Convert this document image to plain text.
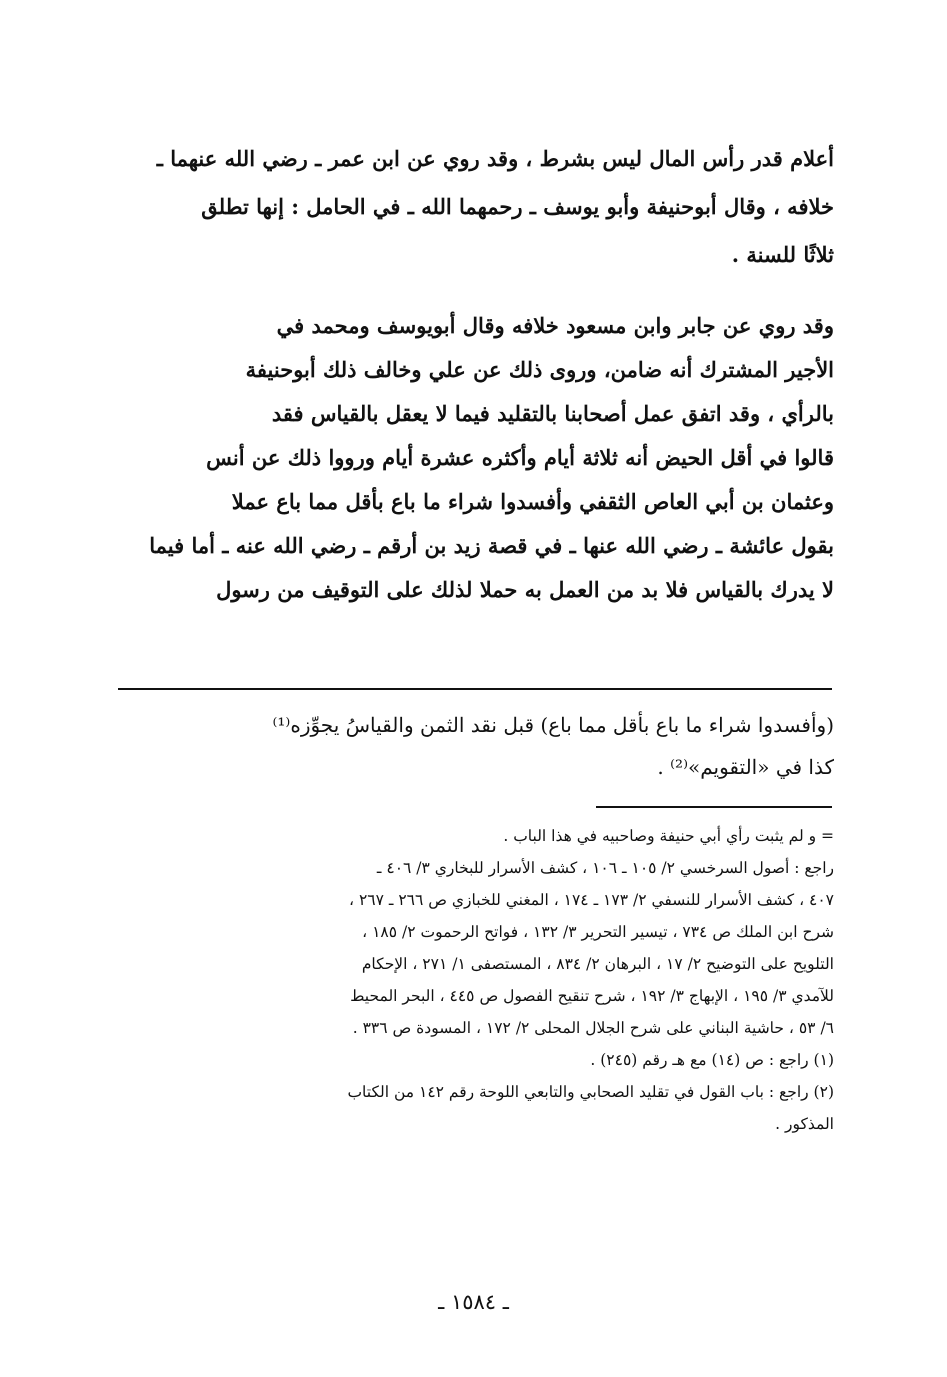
أعلام قدر رأس المال ليس بشرط ، وقد روي عن ابن عمر ـ رضي الله عنهما ـ
خلافه ، وقال أبوحنيفة وأبو يوسف ـ رحمهما الله ـ في الحامل : إنها تطلق
ثلاثًا للسنة .
وقد روي عن جابر وابن مسعود خلافه وقال أبويوسف ومحمد في
الأجير المشترك أنه ضامن، وروى ذلك عن علي وخالف ذلك أبوحنيفة
بالرأي ، وقد اتفق عمل أصحابنا بالتقليد فيما لا يعقل بالقياس فقد
قالوا في أقل الحيض أنه ثلاثة أيام وأكثره عشرة أيام ورووا ذلك عن أنس
وعثمان بن أبي العاص الثقفي وأفسدوا شراء ما باع بأقل مما باع عملا
بقول عائشة ـ رضي الله عنها ـ في قصة زيد بن أرقم ـ رضي الله عنه ـ أما فيما
لا يدرك بالقياس فلا بد من العمل به حملا لذلك على التوقيف من رسول
(وأفسدوا شراء ما باع بأقل مما باع) قبل نقد الثمن والقياسُ يجوِّزه⁽¹⁾
كذا في «التقويم»⁽²⁾ .
= و لم يثبت رأي أبي حنيفة وصاحبيه في هذا الباب .
راجع : أصول السرخسي ٢/ ١٠٥ ـ ١٠٦ ، كشف الأسرار للبخاري ٣/ ٤٠٦ ـ
٤٠٧ ، كشف الأسرار للنسفي ٢/ ١٧٣ ـ ١٧٤ ، المغني للخبازي ص ٢٦٦ ـ ٢٦٧ ،
شرح ابن الملك ص ٧٣٤ ، تيسير التحرير ٣/ ١٣٢ ، فواتح الرحموت ٢/ ١٨٥ ،
التلويح على التوضيح ٢/ ١٧ ، البرهان ٢/ ٨٣٤ ، المستصفى ١/ ٢٧١ ، الإحكام
للآمدي ٣/ ١٩٥ ، الإبهاج ٣/ ١٩٢ ، شرح تنقيح الفصول ص ٤٤٥ ، البحر المحيط
٦/ ٥٣ ، حاشية البناني على شرح الجلال المحلى ٢/ ١٧٢ ، المسودة ص ٣٣٦ .
(١) راجع : ص (١٤) مع هـ رقم (٢٤٥) .
(٢) راجع : باب القول في تقليد الصحابي والتابعي اللوحة رقم ١٤٢ من الكتاب
المذكور .
ـ ١٥٨٤ ـ
